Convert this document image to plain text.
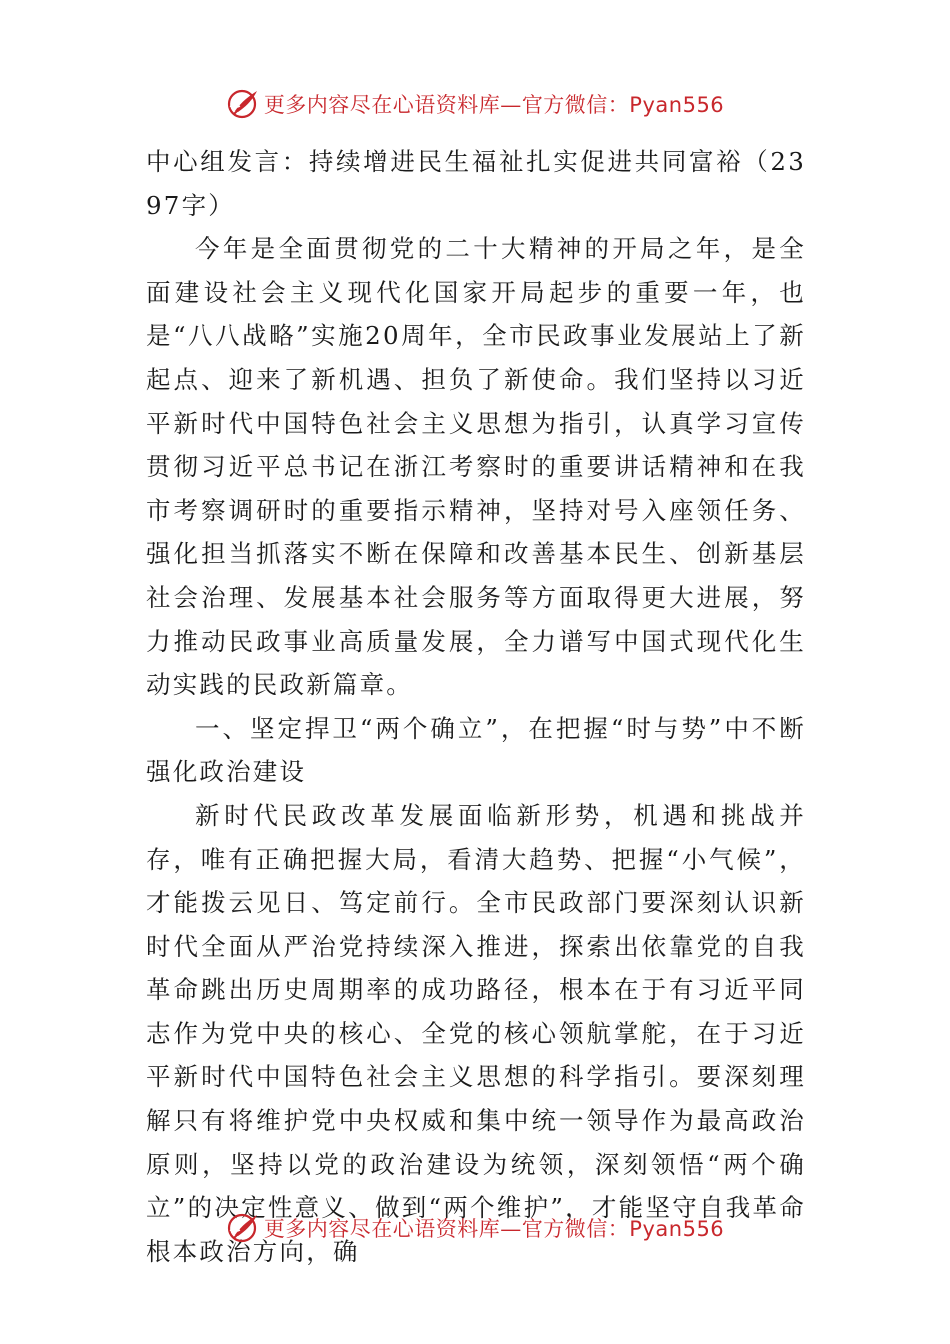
更多内容尽在心语资料库— 官方微信：Pyan556

中心组发言：持续增进民生福祉扎实促进共同富裕（2397字）

今年是全面贯彻党的二十大精神的开局之年，是全面建设社会主义现代化国家开局起步的重要一年，也是“八八战略”实施20周年，全市民政事业发展站上了新起点、迎来了新机遇、担负了新使命。我们坚持以习近平新时代中国特色社会主义思想为指引，认真学习宣传贯彻习近平总书记在浙江考察时的重要讲话精神和在我市考察调研时的重要指示精神，坚持对号入座领任务、强化担当抓落实不断在保障和改善基本民生、创新基层社会治理、发展基本社会服务等方面取得更大进展，努力推动民政事业高质量发展，全力谱写中国式现代化生动实践的民政新篇章。

一、坚定捍卫“两个确立”，在把握“时与势”中不断强化政治建设

新时代民政改革发展面临新形势，机遇和挑战并存，唯有正确把握大局，看清大趋势、把握“小气候”，才能拨云见日、笃定前行。全市民政部门要深刻认识新时代全面从严治党持续深入推进，探索出依靠党的自我革命跳出历史周期率的成功路径，根本在于有习近平同志作为党中央的核心、全党的核心领航掌舵，在于习近平新时代中国特色社会主义思想的科学指引。要深刻理解只有将维护党中央权威和集中统一领导作为最高政治原则，坚持以党的政治建设为统领，深刻领悟“两个确立”的决定性意义、做到“两个维护”，才能坚守自我革命根本政治方向，确

更多内容尽在心语资料库— 官方微信：Pyan556
